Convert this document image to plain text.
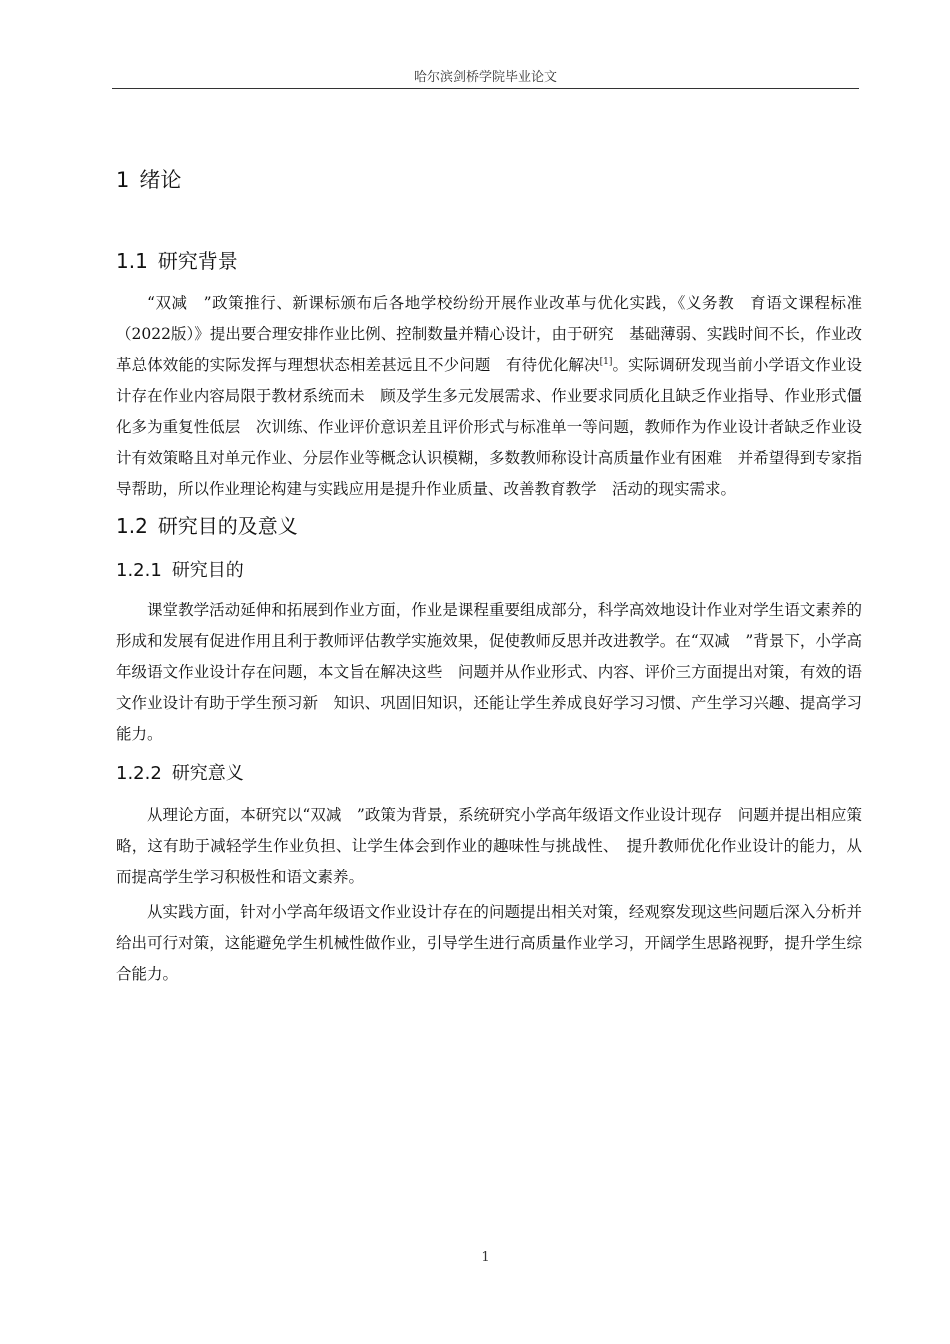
哈尔滨剑桥学院毕业论文
1 绪论
1.1 研究背景

“双减　”政策推行、新课标颁布后各地学校纷纷开展作业改革与优化实践，《义务教　育语文课程标准（2022版）》提出要合理安排作业比例、控制数量并精心设计，由于研究　基础薄弱、实践时间不长，作业改革总体效能的实际发挥与理想状态相差甚远且不少问题　有待优化解决[1]。实际调研发现当前小学语文作业设计存在作业内容局限于教材系统而未　顾及学生多元发展需求、作业要求同质化且缺乏作业指导、作业形式僵化多为重复性低层　次训练、作业评价意识差且评价形式与标准单一等问题，教师作为作业设计者缺乏作业设　计有效策略且对单元作业、分层作业等概念认识模糊，多数教师称设计高质量作业有困难　并希望得到专家指导帮助，所以作业理论构建与实践应用是提升作业质量、改善教育教学　活动的现实需求。

1.2 研究目的及意义
1.2.1 研究目的

课堂教学活动延伸和拓展到作业方面，作业是课程重要组成部分，科学高效地设计作业对学生语文素养的形成和发展有促进作用且利于教师评估教学实施效果，促使教师反思并改进教学。在“双减　”背景下，小学高年级语文作业设计存在问题，本文旨在解决这些　问题并从作业形式、内容、评价三方面提出对策，有效的语文作业设计有助于学生预习新　知识、巩固旧知识，还能让学生养成良好学习习惯、产生学习兴趣、提高学习能力。

1.2.2 研究意义

从理论方面，本研究以“双减　”政策为背景，系统研究小学高年级语文作业设计现存　问题并提出相应策略，这有助于减轻学生作业负担、让学生体会到作业的趣味性与挑战性、　提升教师优化作业设计的能力，从而提高学生学习积极性和语文素养。

从实践方面，针对小学高年级语文作业设计存在的问题提出相关对策，经观察发现这些问题后深入分析并给出可行对策，这能避免学生机械性做作业，引导学生进行高质量作业学习，开阔学生思路视野，提升学生综合能力。

1
